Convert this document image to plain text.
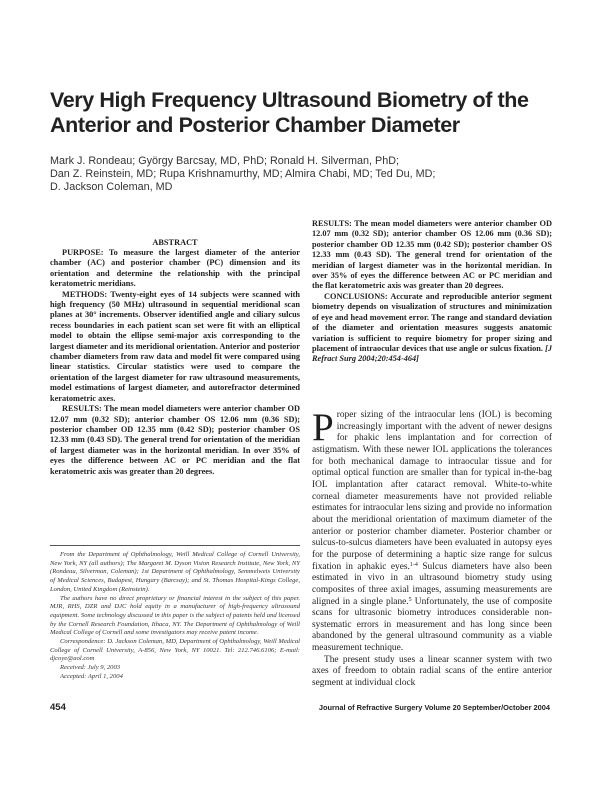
Very High Frequency Ultrasound Biometry of the
Anterior and Posterior Chamber Diameter
Mark J. Rondeau; György Barcsay, MD, PhD; Ronald H. Silverman, PhD;
Dan Z. Reinstein, MD; Rupa Krishnamurthy, MD; Almira Chabi, MD; Ted Du, MD;
D. Jackson Coleman, MD
ABSTRACT

PURPOSE: To measure the largest diameter of the anterior chamber (AC) and posterior chamber (PC) dimension and its orientation and determine the relationship with the principal keratometric meridians.

METHODS: Twenty-eight eyes of 14 subjects were scanned with high frequency (50 MHz) ultrasound in sequential meridional scan planes at 30° increments. Observer identified angle and ciliary sulcus recess boundaries in each patient scan set were fit with an elliptical model to obtain the ellipse semi-major axis corresponding to the largest diameter and its meridional orientation. Anterior and posterior chamber diameters from raw data and model fit were compared using linear statistics. Circular statistics were used to compare the orientation of the largest diameter for raw ultrasound measurements, model estimations of largest diameter, and autorefractor determined keratometric axes.

RESULTS: The mean model diameters were anterior chamber OD 12.07 mm (0.32 SD); anterior chamber OS 12.06 mm (0.36 SD); posterior chamber OD 12.35 mm (0.42 SD); posterior chamber OS 12.33 mm (0.43 SD). The general trend for orientation of the meridian of largest diameter was in the horizontal meridian. In over 35% of eyes the difference between AC or PC meridian and the flat keratometric axis was greater than 20 degrees.

RESULTS: The mean model diameters were anterior chamber OD 12.07 mm (0.32 SD); anterior chamber OS 12.06 mm (0.36 SD); posterior chamber OD 12.35 mm (0.42 SD); posterior chamber OS 12.33 mm (0.43 SD). The general trend for orientation of the meridian of largest diameter was in the horizontal meridian. In over 35% of eyes the difference between AC or PC meridian and the flat keratometric axis was greater than 20 degrees.

CONCLUSIONS: Accurate and reproducible anterior segment biometry depends on visualization of structures and minimization of eye and head movement error. The range and standard deviation of the diameter and orientation measures suggests anatomic variation is sufficient to require biometry for proper sizing and placement of intraocular devices that use angle or sulcus fixation. [J Refract Surg 2004;20:454-464]

From the Department of Ophthalmology, Weill Medical College of Cornell University, New York, NY (all authors); The Margaret M. Dyson Vision Research Institute, New York, NY (Rondeau, Silverman, Coleman); 1st Department of Ophthalmology, Semmelweis University of Medical Sciences, Budapest, Hungary (Barcsay); and St. Thomas Hospital-Kings College, London, United Kingdom (Reinstein).

The authors have no direct proprietary or financial interest in the subject of this paper. MJR, RHS, DZR and DJC hold equity in a manufacturer of high-frequency ultrasound equipment. Some technology discussed in this paper is the subject of patents held and licensed by the Cornell Research Foundation, Ithaca, NY. The Department of Ophthalmology of Weill Medical College of Cornell and some investigators may receive patent income.

Correspondence: D. Jackson Coleman, MD, Department of Ophthalmology, Weill Medical College of Cornell University, A-856, New York, NY 10021. Tel: 212.746.6106; E-mail: djcoye@aol.com

Received: July 9, 2003

Accepted: April 1, 2004

Proper sizing of the intraocular lens (IOL) is becoming increasingly important with the advent of newer designs for phakic lens implantation and for correction of astigmatism. With these newer IOL applications the tolerances for both mechanical damage to intraocular tissue and for optimal optical function are smaller than for typical in-the-bag IOL implantation after cataract removal. White-to-white corneal diameter measurements have not provided reliable estimates for intraocular lens sizing and provide no information about the meridional orientation of maximum diameter of the anterior or posterior chamber diameter. Posterior chamber or sulcus-to-sulcus diameters have been evaluated in autopsy eyes for the purpose of determining a haptic size range for sulcus fixation in aphakic eyes.$^{1-4}$ Sulcus diameters have also been estimated in vivo in an ultrasound biometry study using composites of three axial images, assuming measurements are aligned in a single plane.$^5$ Unfortunately, the use of composite scans for ultrasonic biometry introduces considerable non-systematic errors in measurement and has long since been abandoned by the general ultrasound community as a viable measurement technique.

The present study uses a linear scanner system with two axes of freedom to obtain radial scans of the entire anterior segment at individual clock

454	Journal of Refractive Surgery Volume 20 September/October 2004
